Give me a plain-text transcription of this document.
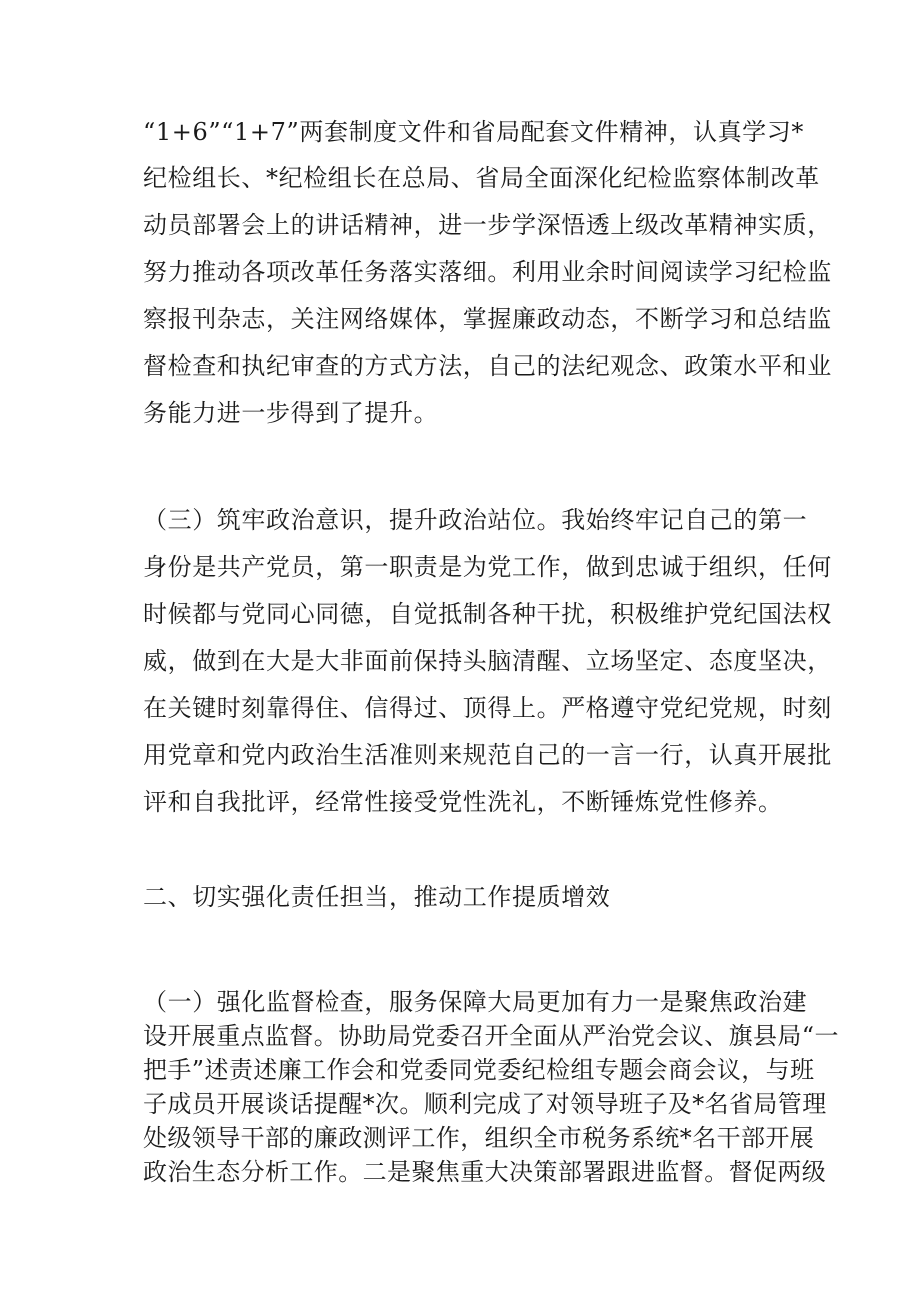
“1+6”“1+7”两套制度文件和省局配套文件精神，认真学习*
纪检组长、*纪检组长在总局、省局全面深化纪检监察体制改革
动员部署会上的讲话精神，进一步学深悟透上级改革精神实质，
努力推动各项改革任务落实落细。利用业余时间阅读学习纪检监
察报刊杂志，关注网络媒体，掌握廉政动态，不断学习和总结监
督检查和执纪审查的方式方法，自己的法纪观念、政策水平和业
务能力进一步得到了提升。
（三）筑牢政治意识，提升政治站位。我始终牢记自己的第一
身份是共产党员，第一职责是为党工作，做到忠诚于组织，任何
时候都与党同心同德，自觉抵制各种干扰，积极维护党纪国法权
威，做到在大是大非面前保持头脑清醒、立场坚定、态度坚决，
在关键时刻靠得住、信得过、顶得上。严格遵守党纪党规，时刻
用党章和党内政治生活准则来规范自己的一言一行，认真开展批
评和自我批评，经常性接受党性洗礼，不断锤炼党性修养。
二、切实强化责任担当，推动工作提质增效
（一）强化监督检查，服务保障大局更加有力一是聚焦政治建
设开展重点监督。协助局党委召开全面从严治党会议、旗县局“一
把手”述责述廉工作会和党委同党委纪检组专题会商会议，与班
子成员开展谈话提醒*次。顺利完成了对领导班子及*名省局管理
处级领导干部的廉政测评工作，组织全市税务系统*名干部开展
政治生态分析工作。二是聚焦重大决策部署跟进监督。督促两级
